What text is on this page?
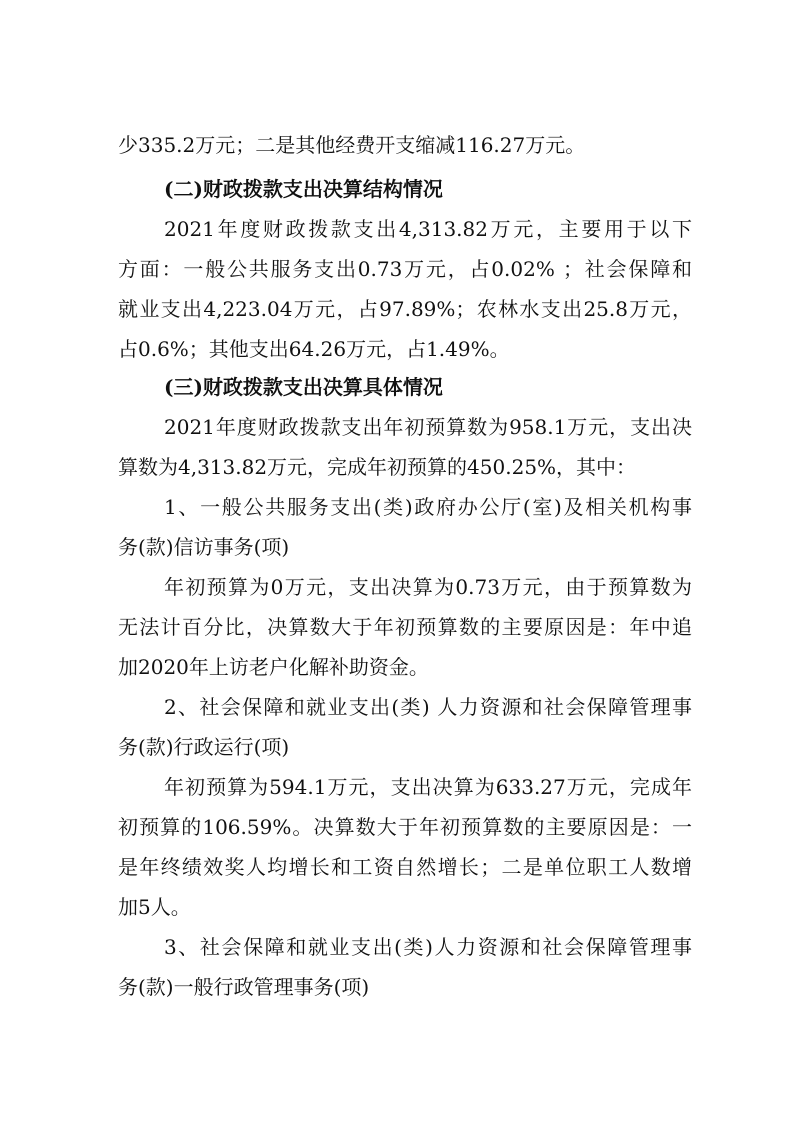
少335.2万元；二是其他经费开支缩减116.27万元。
(二)财政拨款支出决算结构情况
2021年度财政拨款支出4,313.82万元，主要用于以下
方面：一般公共服务支出0.73万元，占0.02% ；社会保障和
就业支出4,223.04万元，占97.89%；农林水支出25.8万元，
占0.6%；其他支出64.26万元，占1.49%。
(三)财政拨款支出决算具体情况
2021年度财政拨款支出年初预算数为958.1万元，支出决
算数为4,313.82万元，完成年初预算的450.25%，其中：
1、一般公共服务支出(类)政府办公厅(室)及相关机构事
务(款)信访事务(项)
年初预算为0万元，支出决算为0.73万元，由于预算数为
无法计百分比，决算数大于年初预算数的主要原因是：年中追
加2020年上访老户化解补助资金。
2、社会保障和就业支出(类) 人力资源和社会保障管理事
务(款)行政运行(项)
年初预算为594.1万元，支出决算为633.27万元，完成年
初预算的106.59%。决算数大于年初预算数的主要原因是：一
是年终绩效奖人均增长和工资自然增长；二是单位职工人数增
加5人。
3、社会保障和就业支出(类)人力资源和社会保障管理事
务(款)一般行政管理事务(项)
